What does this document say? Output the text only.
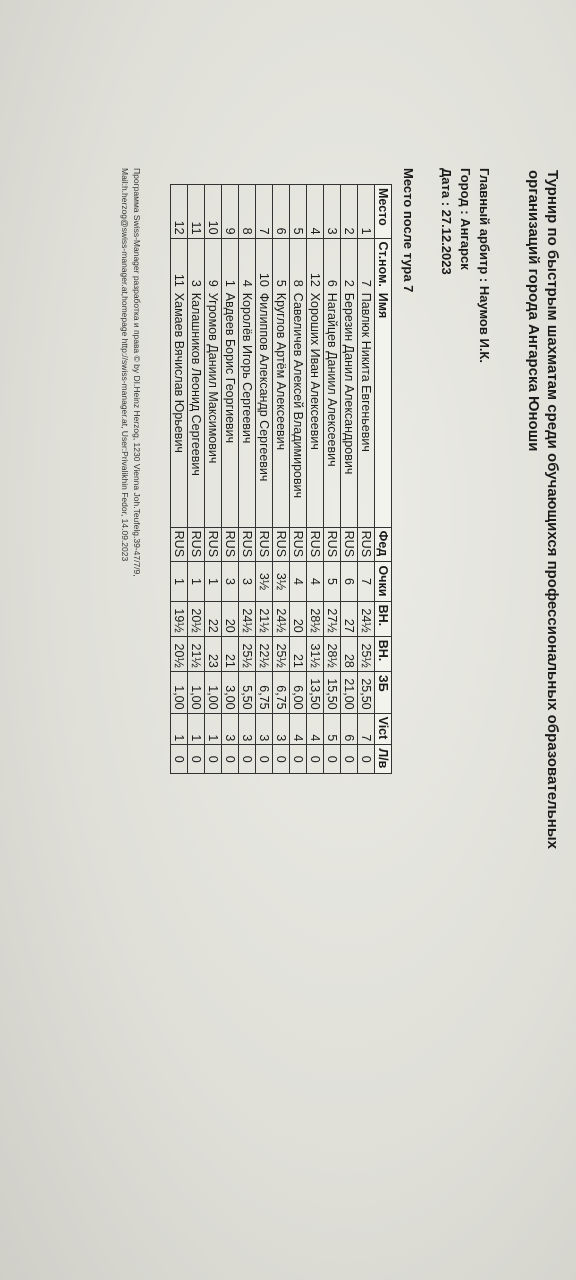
Турнир по быстрым шахматам среди обучающихся профессиональных образовательных
организаций города Ангарска Юноши
Главный арбитр : Наумов И.К.
Город : Ангарск
Дата : 27.12.2023
Место после тура 7
Место	Ст.ном.	Имя	Фед	Очки	ВН.	ВН.	ЗБ	Vict	Л/в
1	7	Павлюк Никита Евгеньевич	RUS	7	24½	25½	25,50	7	0
2	2	Березин Данил Александрович	RUS	6	27	28	21,00	6	0
3	6	Нагайцев Даниил Алексеевич	RUS	5	27½	28½	15,50	5	0
4	12	Хороших Иван Алексеевич	RUS	4	28½	31½	13,50	4	0
5	8	Савеличев Алексей Владимирович	RUS	4	20	21	6,00	4	0
6	5	Круглов Артём Алексеевич	RUS	3½	24½	25½	6,75	3	0
7	10	Филиппов Александр Сергеевич	RUS	3½	21½	22½	6,75	3	0
8	4	Королёв Игорь Сергеевич	RUS	3	24½	25½	5,50	3	0
9	1	Авдеев Борис Георгиевич	RUS	3	20	21	3,00	3	0
10	9	Угромов Даниил Максимович	RUS	1	22	23	1,00	1	0
11	3	Калашников Леонид Сергеевич	RUS	1	20½	21½	1,00	1	0
12	11	Хамаев Вячислав Юрьевич	RUS	1	19½	20½	1,00	1	0
Программа Swiss-Manager разработка и права © by DI.Heinz Herzog, 1230 Vienna Joh.Teufelg.39-47/7/9,
Mail:h.herzog@swiss-manager.at,homepage http://swiss-manager.at, User:Privalikhin Fedor, 14.09.2023
